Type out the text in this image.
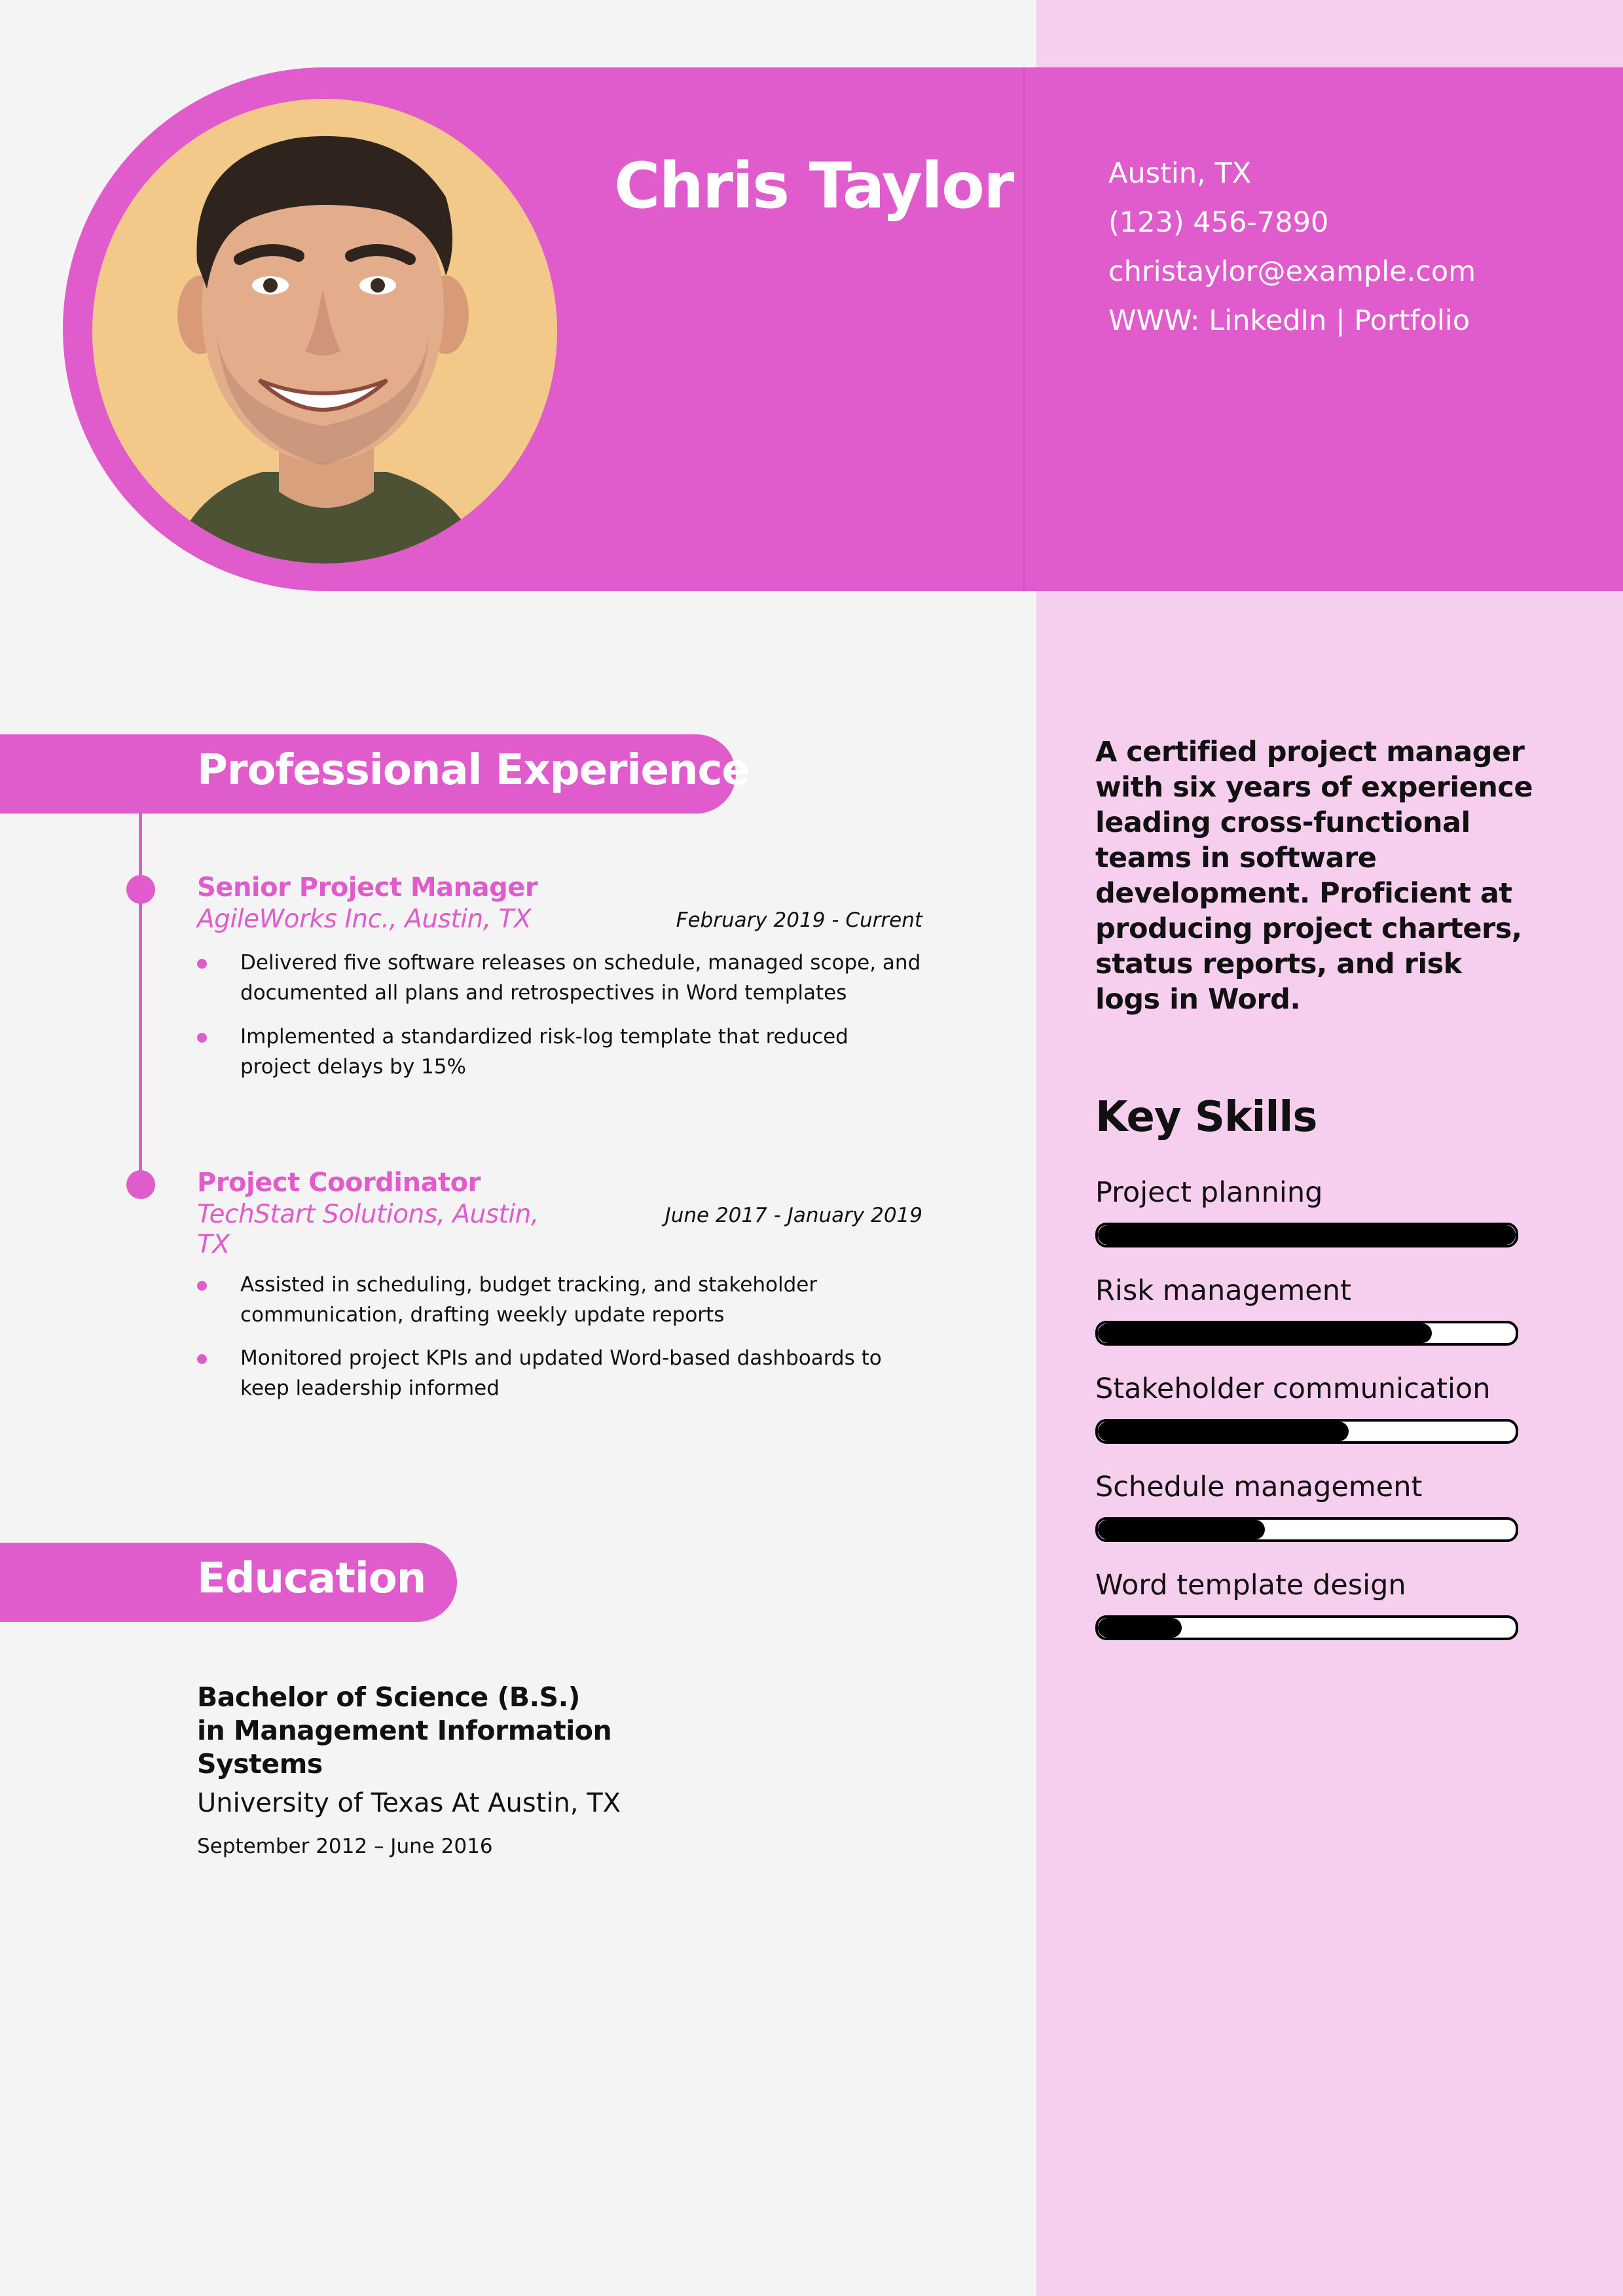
Chris Taylor	Austin, TX
(123) 456-7890
christaylor@example.com
WWW: LinkedIn | Portfolio
Professional Experience
Senior Project Manager
AgileWorks Inc., Austin, TX	February 2019 - Current
Delivered five software releases on schedule, managed scope, and documented all plans and retrospectives in Word templates
Implemented a standardized risk-log template that reduced project delays by 15%
Project Coordinator
TechStart Solutions, Austin, TX
June 2017 - January 2019
Assisted in scheduling, budget tracking, and stakeholder communication, drafting weekly update reports
Monitored project KPIs and updated Word-based dashboards to keep leadership informed
Education
Bachelor of Science (B.S.) in Management Information Systems
University of Texas At Austin, TX
September 2012 – June 2016
A certified project manager with six years of experience leading cross-functional teams in software development. Proficient at producing project charters, status reports, and risk logs in Word.
Key Skills
Project planning
Risk management
Stakeholder communication
Schedule management
Word template design
